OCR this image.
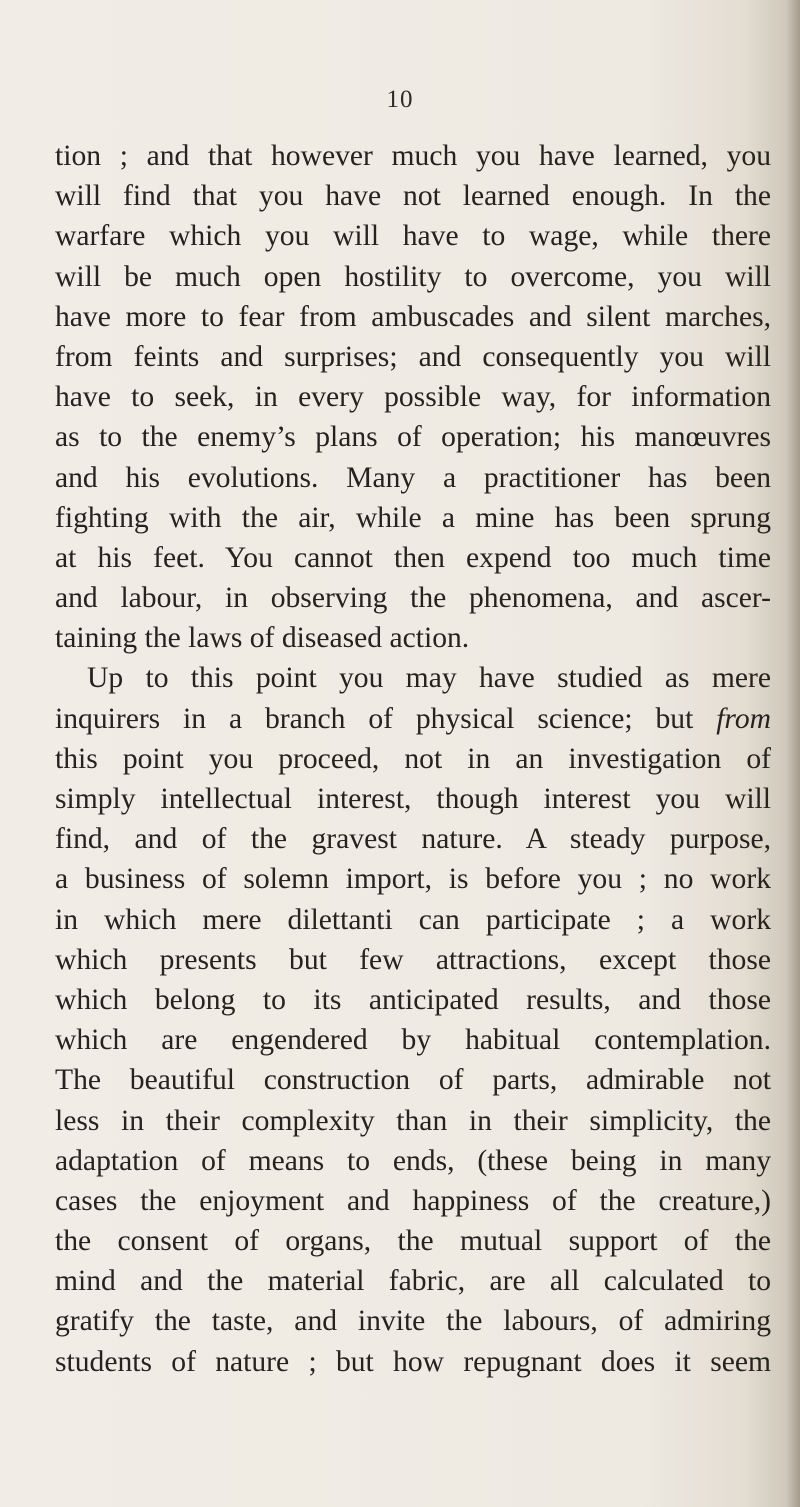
10
tion ; and that however much you have learned, you
will find that you have not learned enough. In the
warfare which you will have to wage, while there
will be much open hostility to overcome, you will
have more to fear from ambuscades and silent marches,
from feints and surprises; and consequently you will
have to seek, in every possible way, for information
as to the enemy’s plans of operation; his manœuvres
and his evolutions. Many a practitioner has been
fighting with the air, while a mine has been sprung
at his feet. You cannot then expend too much time
and labour, in observing the phenomena, and ascer-
taining the laws of diseased action.
Up to this point you may have studied as mere
inquirers in a branch of physical science; but from
this point you proceed, not in an investigation of
simply intellectual interest, though interest you will
find, and of the gravest nature. A steady purpose,
a business of solemn import, is before you ; no work
in which mere dilettanti can participate ; a work
which presents but few attractions, except those
which belong to its anticipated results, and those
which are engendered by habitual contemplation.
The beautiful construction of parts, admirable not
less in their complexity than in their simplicity, the
adaptation of means to ends, (these being in many
cases the enjoyment and happiness of the creature,)
the consent of organs, the mutual support of the
mind and the material fabric, are all calculated to
gratify the taste, and invite the labours, of admiring
students of nature ; but how repugnant does it seem
